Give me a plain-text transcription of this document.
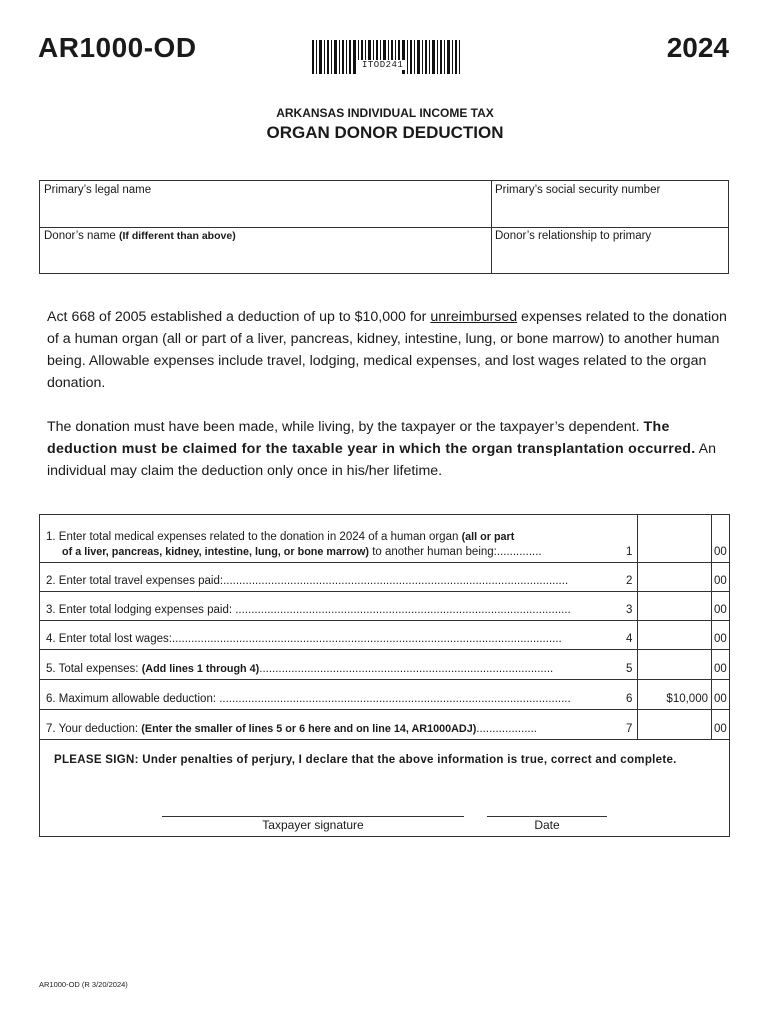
AR1000-OD
ITOD241
2024
ARKANSAS INDIVIDUAL INCOME TAX
ORGAN DONOR DEDUCTION
Primary’s legal name	Primary’s social security number
Donor’s name (If different than above)	Donor’s relationship to primary
Act 668 of 2005 established a deduction of up to $10,000 for unreimbursed expenses related to the donation of a human organ (all or part of a liver, pancreas, kidney, intestine, lung, or bone marrow) to another human being. Allowable expenses include travel, lodging, medical expenses, and lost wages related to the organ donation.
The donation must have been made, while living, by the taxpayer or the taxpayer’s dependent. The deduction must be claimed for the taxable year in which the organ transplantation occurred. An individual may claim the deduction only once in his/her lifetime.
1. Enter total medical expenses related to the donation in 2024 of a human organ (all or part
of a liver, pancreas, kidney, intestine, lung, or bone marrow) to another human being:..............	1	00
2. Enter total travel expenses paid:............................................................................................................	2	00
3. Enter total lodging expenses paid: .........................................................................................................	3	00
4. Enter total lost wages:..........................................................................................................................	4	00
5. Total expenses: (Add lines 1 through 4)............................................................................................	5	00
6. Maximum allowable deduction: ..............................................................................................................	6	$10,000 00
7. Your deduction: (Enter the smaller of lines 5 or 6 here and on line 14, AR1000ADJ)...................	7	00
PLEASE SIGN: Under penalties of perjury, I declare that the above information is true, correct and complete.
Taxpayer signature	Date
AR1000-OD (R 3/20/2024)
